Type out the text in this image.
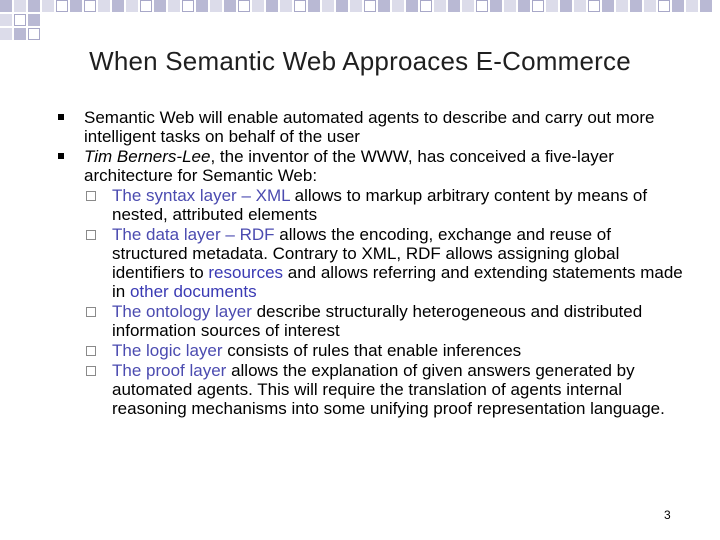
When Semantic Web Approaces E-Commerce
Semantic Web will enable automated agents to describe and carry out more intelligent tasks on behalf of the user
Tim Berners-Lee, the inventor of the WWW, has conceived a five-layer architecture for Semantic Web:
The syntax layer – XML allows to markup arbitrary content by means of nested, attributed elements
The data layer – RDF allows the encoding, exchange and reuse of structured metadata. Contrary to XML, RDF allows assigning global identifiers to resources and allows referring and extending statements made in other documents
The ontology layer describe structurally heterogeneous and distributed information sources of interest
The logic layer consists of rules that enable inferences
The proof layer allows the explanation of given answers generated by automated agents. This will require the translation of agents internal reasoning mechanisms into some unifying proof representation language.
3
